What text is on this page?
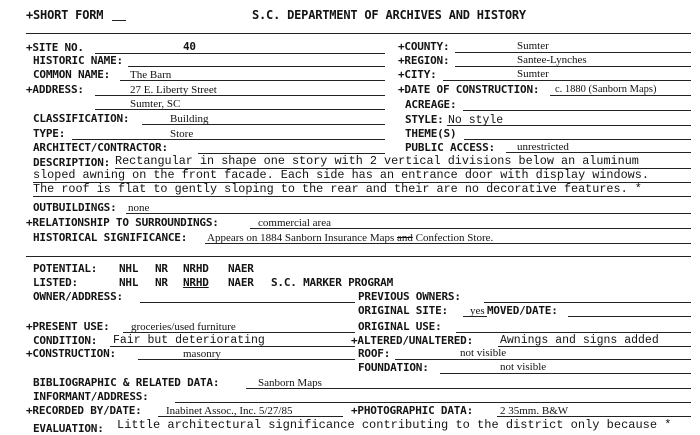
+SHORT FORM	S.C. DEPARTMENT OF ARCHIVES AND HISTORY
+SITE NO.	40
HISTORIC NAME:
COMMON NAME: The Barn
+ADDRESS:	27 E. Liberty Street
Sumter, SC
CLASSIFICATION:	Building
TYPE:	Store
ARCHITECT/CONTRACTOR:
+COUNTY:	Sumter
+REGION:	Santee-Lynches
+CITY:	Sumter
+DATE OF CONSTRUCTION: c. 1880 (Sanborn Maps)
ACREAGE:
STYLE: No style
THEME(S)
PUBLIC ACCESS: unrestricted
DESCRIPTION: Rectangular in shape one story with 2 vertical divisions below an aluminum
sloped awning on the front facade. Each side has an entrance door with display windows.
The roof is flat to gently sloping to the rear and their are no decorative features. *
OUTBUILDINGS: none
+RELATIONSHIP TO SURROUNDINGS:	commercial area
HISTORICAL SIGNIFICANCE: Appears on 1884 Sanborn Insurance Maps and Confection Store.
POTENTIAL: NHL NR NRHD NAER
LISTED:	NHL NR NRHD NAER S.C. MARKER PROGRAM
OWNER/ADDRESS:	PREVIOUS OWNERS:
ORIGINAL SITE: yes MOVED/DATE:
+PRESENT USE: groceries/used furniture	ORIGINAL USE:
CONDITION: Fair but deteriorating	+ALTERED/UNALTERED: Awnings and signs added
+CONSTRUCTION:	masonry	ROOF:	not visible
FOUNDATION:	not visible
BIBLIOGRAPHIC & RELATED DATA:	Sanborn Maps
INFORMANT/ADDRESS:
+RECORDED BY/DATE: Inabinet Assoc., Inc. 5/27/85	+PHOTOGRAPHIC DATA: 2 35mm. B&W
EVALUATION: Little architectural significance contributing to the district only because *
